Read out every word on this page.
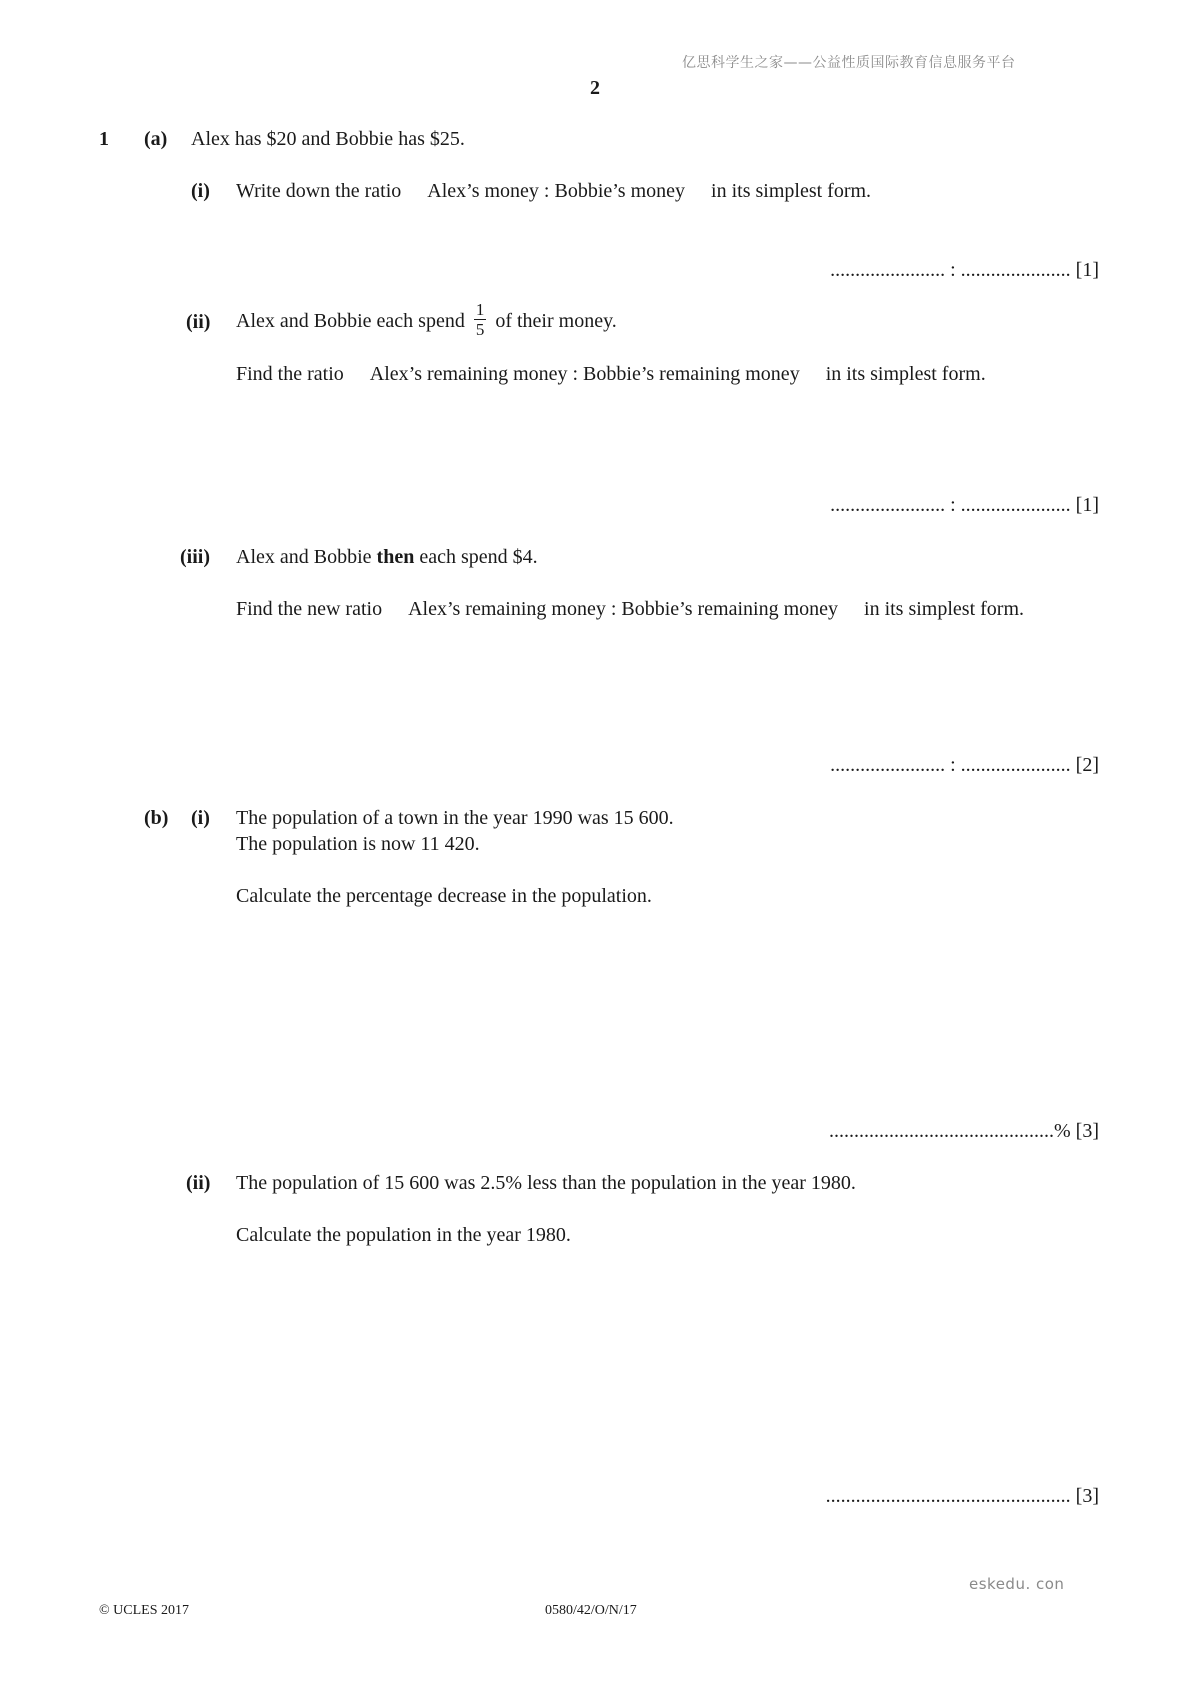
亿思科学生之家——公益性质国际教育信息服务平台
2
1 (a) Alex has $20 and Bobbie has $25.
(i) Write down the ratio Alex’s money : Bobbie’s money in its simplest form.
....................... : ...................... [1]
(ii) Alex and Bobbie each spend $\frac{1}{5}$ of their money.
Find the ratio Alex’s remaining money : Bobbie’s remaining money in its simplest form.
....................... : ...................... [1]
(iii) Alex and Bobbie then each spend $4.
Find the new ratio Alex’s remaining money : Bobbie’s remaining money in its simplest form.
....................... : ...................... [2]
(b) (i) The population of a town in the year 1990 was 15 600.
The population is now 11 420.
Calculate the percentage decrease in the population.
.............................................% [3]
(ii) The population of 15 600 was 2.5% less than the population in the year 1980.
Calculate the population in the year 1980.
................................................. [3]
eskedu. con
© UCLES 2017	0580/42/O/N/17
